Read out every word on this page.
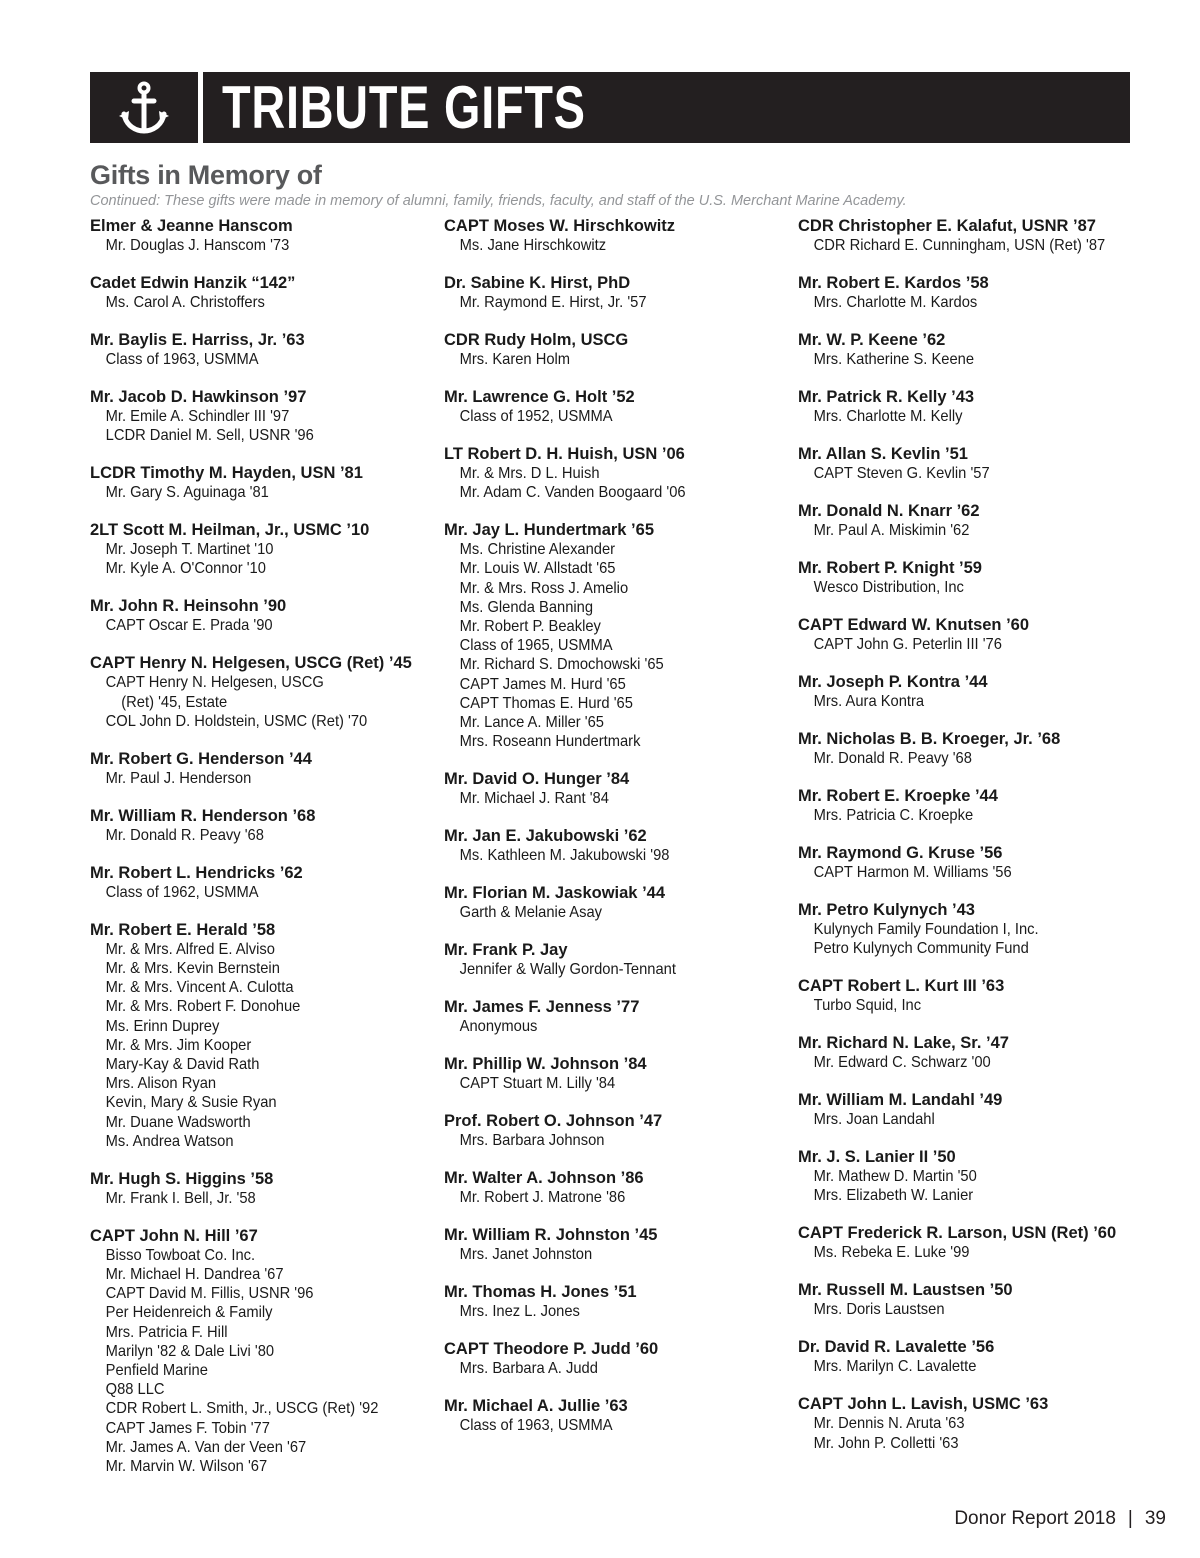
TRIBUTE GIFTS
Gifts in Memory of
Continued: These gifts were made in memory of alumni, family, friends, faculty, and staff of the U.S. Merchant Marine Academy.
Elmer & Jeanne Hanscom
Mr. Douglas J. Hanscom '73
Cadet Edwin Hanzik “142”
Ms. Carol A. Christoffers
Mr. Baylis E. Harriss, Jr. ’63
Class of 1963, USMMA
Mr. Jacob D. Hawkinson ’97
Mr. Emile A. Schindler III '97
LCDR Daniel M. Sell, USNR '96
LCDR Timothy M. Hayden, USN ’81
Mr. Gary S. Aguinaga '81
2LT Scott M. Heilman, Jr., USMC ’10
Mr. Joseph T. Martinet '10
Mr. Kyle A. O'Connor '10
Mr. John R. Heinsohn ’90
CAPT Oscar E. Prada '90
CAPT Henry N. Helgesen, USCG (Ret) ’45
CAPT Henry N. Helgesen, USCG
(Ret) '45, Estate
COL John D. Holdstein, USMC (Ret) '70
Mr. Robert G. Henderson ’44
Mr. Paul J. Henderson
Mr. William R. Henderson ’68
Mr. Donald R. Peavy '68
Mr. Robert L. Hendricks ’62
Class of 1962, USMMA
Mr. Robert E. Herald ’58
Mr. & Mrs. Alfred E. Alviso
Mr. & Mrs. Kevin Bernstein
Mr. & Mrs. Vincent A. Culotta
Mr. & Mrs. Robert F. Donohue
Ms. Erinn Duprey
Mr. & Mrs. Jim Kooper
Mary-Kay & David Rath
Mrs. Alison Ryan
Kevin, Mary & Susie Ryan
Mr. Duane Wadsworth
Ms. Andrea Watson
Mr. Hugh S. Higgins ’58
Mr. Frank I. Bell, Jr. '58
CAPT John N. Hill ’67
Bisso Towboat Co. Inc.
Mr. Michael H. Dandrea '67
CAPT David M. Fillis, USNR '96
Per Heidenreich & Family
Mrs. Patricia F. Hill
Marilyn '82 & Dale Livi '80
Penfield Marine
Q88 LLC
CDR Robert L. Smith, Jr., USCG (Ret) '92
CAPT James F. Tobin '77
Mr. James A. Van der Veen '67
Mr. Marvin W. Wilson '67
CAPT Moses W. Hirschkowitz
Ms. Jane Hirschkowitz
Dr. Sabine K. Hirst, PhD
Mr. Raymond E. Hirst, Jr. '57
CDR Rudy Holm, USCG
Mrs. Karen Holm
Mr. Lawrence G. Holt ’52
Class of 1952, USMMA
LT Robert D. H. Huish, USN ’06
Mr. & Mrs. D L. Huish
Mr. Adam C. Vanden Boogaard '06
Mr. Jay L. Hundertmark ’65
Ms. Christine Alexander
Mr. Louis W. Allstadt '65
Mr. & Mrs. Ross J. Amelio
Ms. Glenda Banning
Mr. Robert P. Beakley
Class of 1965, USMMA
Mr. Richard S. Dmochowski '65
CAPT James M. Hurd '65
CAPT Thomas E. Hurd '65
Mr. Lance A. Miller '65
Mrs. Roseann Hundertmark
Mr. David O. Hunger ’84
Mr. Michael J. Rant '84
Mr. Jan E. Jakubowski ’62
Ms. Kathleen M. Jakubowski '98
Mr. Florian M. Jaskowiak ’44
Garth & Melanie Asay
Mr. Frank P. Jay
Jennifer & Wally Gordon-Tennant
Mr. James F. Jenness ’77
Anonymous
Mr. Phillip W. Johnson ’84
CAPT Stuart M. Lilly '84
Prof. Robert O. Johnson ’47
Mrs. Barbara Johnson
Mr. Walter A. Johnson ’86
Mr. Robert J. Matrone '86
Mr. William R. Johnston ’45
Mrs. Janet Johnston
Mr. Thomas H. Jones ’51
Mrs. Inez L. Jones
CAPT Theodore P. Judd ’60
Mrs. Barbara A. Judd
Mr. Michael A. Jullie ’63
Class of 1963, USMMA
CDR Christopher E. Kalafut, USNR ’87
CDR Richard E. Cunningham, USN (Ret) '87
Mr. Robert E. Kardos ’58
Mrs. Charlotte M. Kardos
Mr. W. P. Keene ’62
Mrs. Katherine S. Keene
Mr. Patrick R. Kelly ’43
Mrs. Charlotte M. Kelly
Mr. Allan S. Kevlin ’51
CAPT Steven G. Kevlin '57
Mr. Donald N. Knarr ’62
Mr. Paul A. Miskimin '62
Mr. Robert P. Knight ’59
Wesco Distribution, Inc
CAPT Edward W. Knutsen ’60
CAPT John G. Peterlin III '76
Mr. Joseph P. Kontra ’44
Mrs. Aura Kontra
Mr. Nicholas B. B. Kroeger, Jr. ’68
Mr. Donald R. Peavy '68
Mr. Robert E. Kroepke ’44
Mrs. Patricia C. Kroepke
Mr. Raymond G. Kruse ’56
CAPT Harmon M. Williams '56
Mr. Petro Kulynych ’43
Kulynych Family Foundation I, Inc.
Petro Kulynych Community Fund
CAPT Robert L. Kurt III ’63
Turbo Squid, Inc
Mr. Richard N. Lake, Sr. ’47
Mr. Edward C. Schwarz '00
Mr. William M. Landahl ’49
Mrs. Joan Landahl
Mr. J. S. Lanier II ’50
Mr. Mathew D. Martin '50
Mrs. Elizabeth W. Lanier
CAPT Frederick R. Larson, USN (Ret) ’60
Ms. Rebeka E. Luke '99
Mr. Russell M. Laustsen ’50
Mrs. Doris Laustsen
Dr. David R. Lavalette ’56
Mrs. Marilyn C. Lavalette
CAPT John L. Lavish, USMC ’63
Mr. Dennis N. Aruta '63
Mr. John P. Colletti '63
Donor Report 2018 | 39
